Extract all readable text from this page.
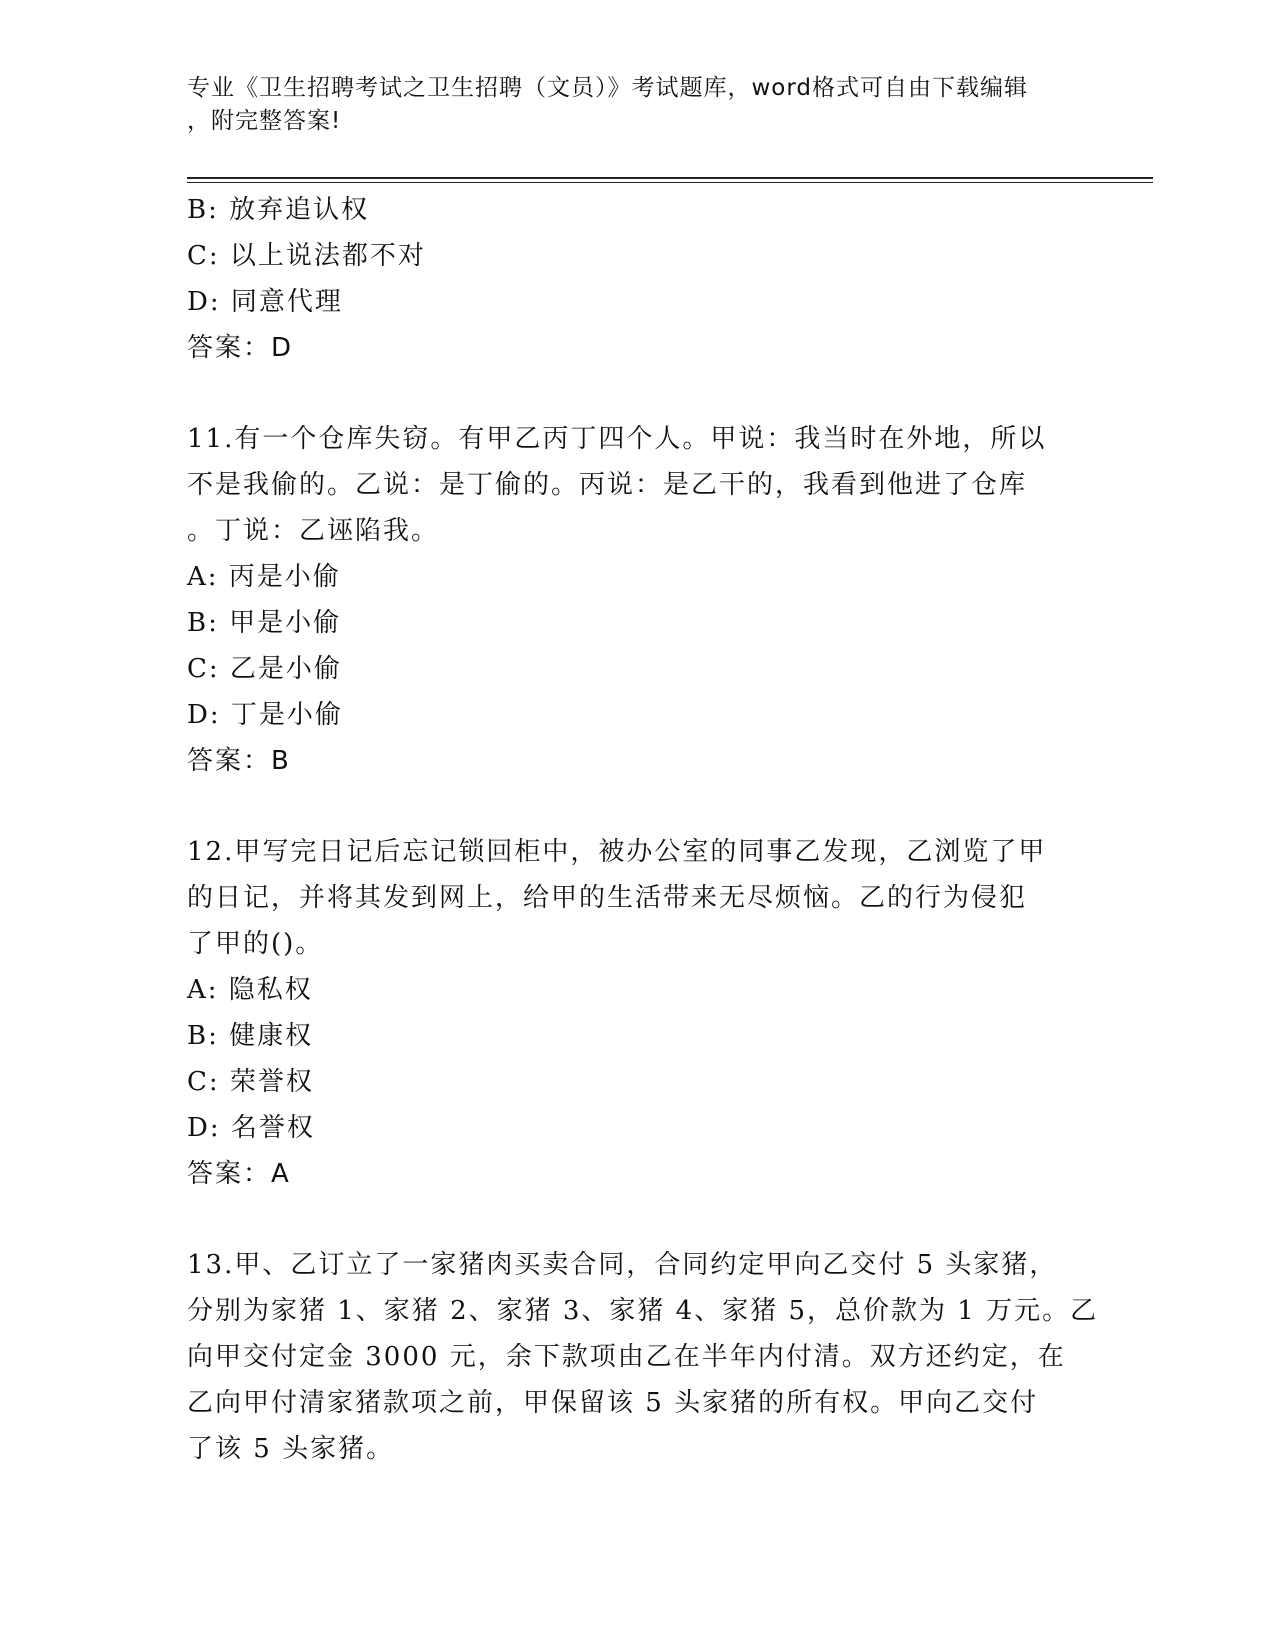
专业《卫生招聘考试之卫生招聘（文员）》考试题库，word格式可自由下载编辑
，附完整答案!
B: 放弃追认权
C: 以上说法都不对
D: 同意代理
答案：D
11.有一个仓库失窃。有甲乙丙丁四个人。甲说：我当时在外地，所以
不是我偷的。乙说：是丁偷的。丙说：是乙干的，我看到他进了仓库
。丁说：乙诬陷我。
A: 丙是小偷
B: 甲是小偷
C: 乙是小偷
D: 丁是小偷
答案：B
12.甲写完日记后忘记锁回柜中，被办公室的同事乙发现，乙浏览了甲
的日记，并将其发到网上，给甲的生活带来无尽烦恼。乙的行为侵犯
了甲的()。
A: 隐私权
B: 健康权
C: 荣誉权
D: 名誉权
答案：A
13.甲、乙订立了一家猪肉买卖合同，合同约定甲向乙交付 5 头家猪，
分别为家猪 1、家猪 2、家猪 3、家猪 4、家猪 5，总价款为 1 万元。乙
向甲交付定金 3000 元，余下款项由乙在半年内付清。双方还约定，在
乙向甲付清家猪款项之前，甲保留该 5 头家猪的所有权。甲向乙交付
了该 5 头家猪。
